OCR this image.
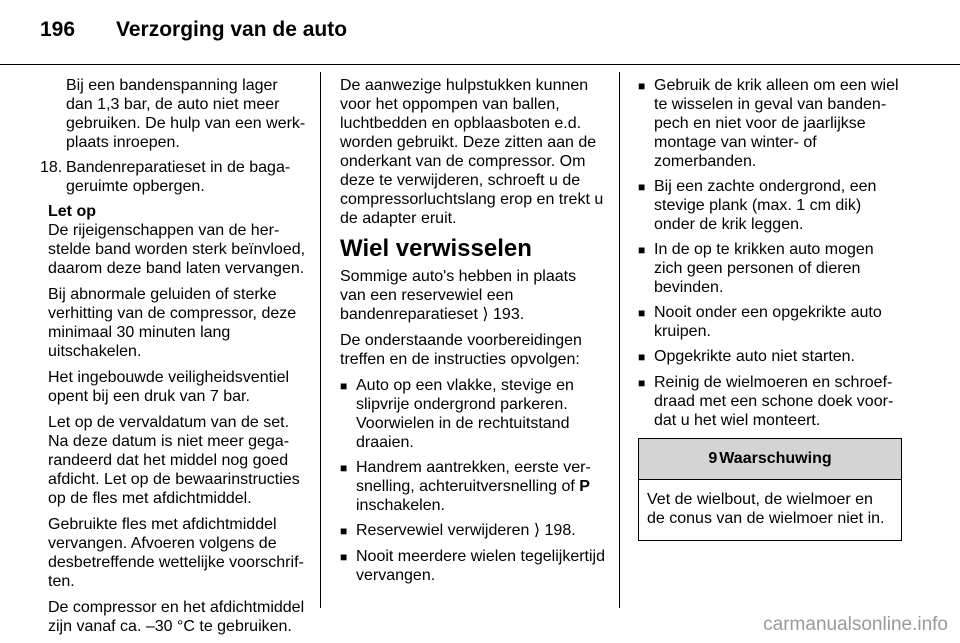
196	Verzorging van de auto

Bij een bandenspanning lager dan 1,3 bar, de auto niet meer gebruiken. De hulp van een werkplaats inroepen.

18. Bandenreparatieset in de bagageruimte opbergen.

Let op
De rijeigenschappen van de herstelde band worden sterk beïnvloed, daarom deze band laten vervangen.

Bij abnormale geluiden of sterke verhitting van de compressor, deze minimaal 30 minuten lang uitschakelen.

Het ingebouwde veiligheidsventiel opent bij een druk van 7 bar.

Let op de vervaldatum van de set. Na deze datum is niet meer gegarandeerd dat het middel nog goed afdicht. Let op de bewaarinstructies op de fles met afdichtmiddel.

Gebruikte fles met afdichtmiddel vervangen. Afvoeren volgens de desbetreffende wettelijke voorschriften.

De compressor en het afdichtmiddel zijn vanaf ca. –30 °C te gebruiken.

De aanwezige hulpstukken kunnen voor het oppompen van ballen, luchtbedden en opblaasboten e.d. worden gebruikt. Deze zitten aan de onderkant van de compressor. Om deze te verwijderen, schroeft u de compressorluchtslang erop en trekt u de adapter eruit.

Wiel verwisselen

Sommige auto's hebben in plaats van een reservewiel een bandenreparatieset ⟩ 193.

De onderstaande voorbereidingen treffen en de instructies opvolgen:

■ Auto op een vlakke, stevige en slipvrije ondergrond parkeren. Voorwielen in de rechtuitstand draaien.
■ Handrem aantrekken, eerste versnelling, achteruitversnelling of P inschakelen.
■ Reservewiel verwijderen ⟩ 198.
■ Nooit meerdere wielen tegelijkertijd vervangen.
■ Gebruik de krik alleen om een wiel te wisselen in geval van bandenpech en niet voor de jaarlijkse montage van winter- of zomerbanden.
■ Bij een zachte ondergrond, een stevige plank (max. 1 cm dik) onder de krik leggen.
■ In de op te krikken auto mogen zich geen personen of dieren bevinden.
■ Nooit onder een opgekrikte auto kruipen.
■ Opgekrikte auto niet starten.
■ Reinig de wielmoeren en schroefdraad met een schone doek voordat u het wiel monteert.
9 Waarschuwing
Vet de wielbout, de wielmoer en de conus van de wielmoer niet in.
carmanualsonline.info
